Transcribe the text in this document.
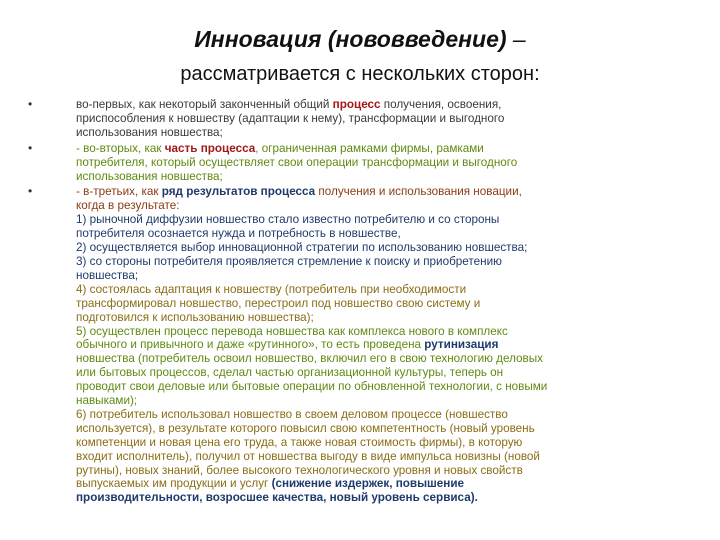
Инновация (нововведение) –
рассматривается с нескольких сторон:
•	во-первых, как некоторый законченный общий процесс получения, освоения,
приспособления к новшеству (адаптации к нему), трансформации и выгодного
использования новшества;
•	- во-вторых, как часть процесса, ограниченная рамками фирмы, рамками
потребителя, который осуществляет свои операции трансформации и выгодного
использования новшества;
•	- в-третьих, как ряд результатов процесса получения и использования новации,
когда в результате:
1) рыночной диффузии новшество стало известно потребителю и со стороны
потребителя осознается нужда и потребность в новшестве,
2) осуществляется выбор инновационной стратегии по использованию новшества;
3) со стороны потребителя проявляется стремление к поиску и приобретению
новшества;
4) состоялась адаптация к новшеству (потребитель при необходимости
трансформировал новшество, перестроил под новшество свою систему и
подготовился к использованию новшества);
5) осуществлен процесс перевода новшества как комплекса нового в комплекс
обычного и привычного и даже «рутинного», то есть проведена рутинизация
новшества (потребитель освоил новшество, включил его в свою технологию деловых
или бытовых процессов, сделал частью организационной культуры, теперь он
проводит свои деловые или бытовые операции по обновленной технологии, с новыми
навыками);
6) потребитель использовал новшество в своем деловом процессе (новшество
используется), в результате которого повысил свою компетентность (новый уровень
компетенции и новая цена его труда, а также новая стоимость фирмы), в которую
входит исполнитель), получил от новшества выгоду в виде импульса новизны (новой
рутины), новых знаний, более высокого технологического уровня и новых свойств
выпускаемых им продукции и услуг (снижение издержек, повышение
производительности, возросшее качества, новый уровень сервиса).
